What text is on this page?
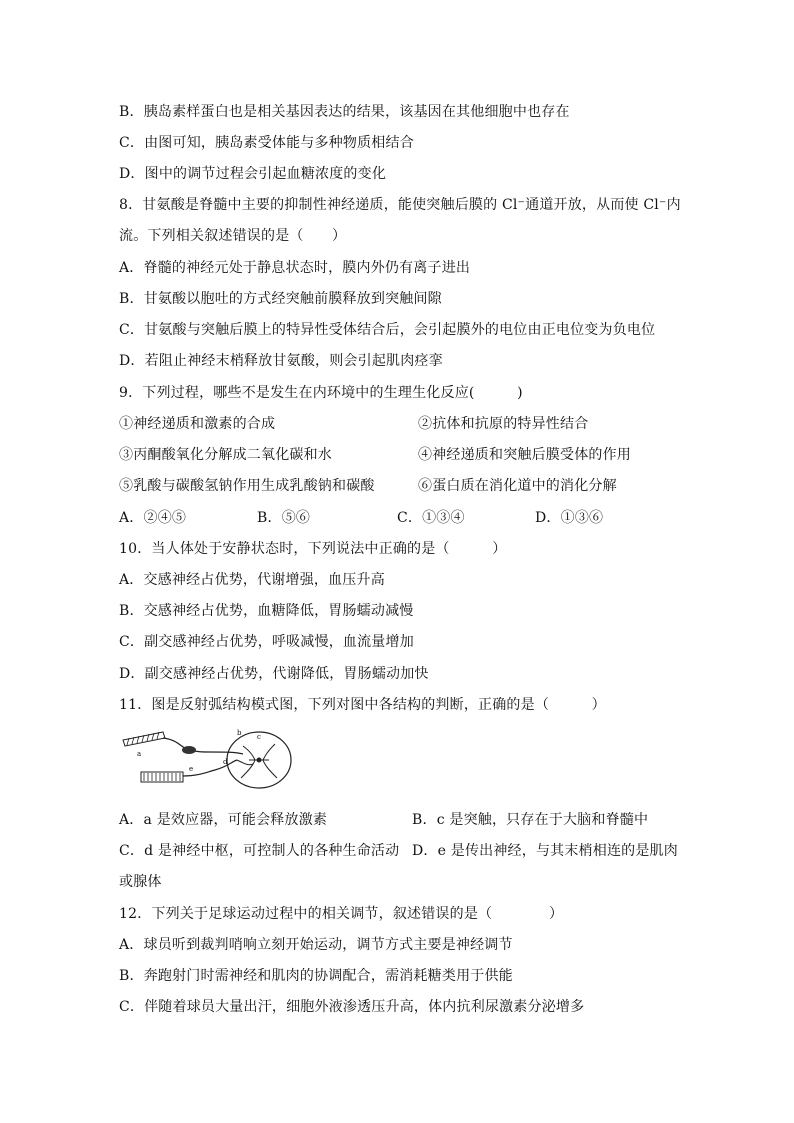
B．胰岛素样蛋白也是相关基因表达的结果，该基因在其他细胞中也存在
C．由图可知，胰岛素受体能与多种物质相结合
D．图中的调节过程会引起血糖浓度的变化
8．甘氨酸是脊髓中主要的抑制性神经递质，能使突触后膜的 Cl⁻通道开放，从而使 Cl⁻内
流。下列相关叙述错误的是（　　）
A．脊髓的神经元处于静息状态时，膜内外仍有离子进出
B．甘氨酸以胞吐的方式经突触前膜释放到突触间隙
C．甘氨酸与突触后膜上的特异性受体结合后，会引起膜外的电位由正电位变为负电位
D．若阻止神经末梢释放甘氨酸，则会引起肌肉痉挛
9．下列过程，哪些不是发生在内环境中的生理生化反应(　　　)
①神经递质和激素的合成	②抗体和抗原的特异性结合
③丙酮酸氧化分解成二氧化碳和水	④神经递质和突触后膜受体的作用
⑤乳酸与碳酸氢钠作用生成乳酸钠和碳酸	⑥蛋白质在消化道中的消化分解
A．②④⑤	B．⑤⑥	C．①③④	D．①③⑥
10．当人体处于安静状态时，下列说法中正确的是（　　　）
A．交感神经占优势，代谢增强，血压升高
B．交感神经占优势，血糖降低，胃肠蠕动减慢
C．副交感神经占优势，呼吸减慢，血流量增加
D．副交感神经占优势，代谢降低，胃肠蠕动加快
11．图是反射弧结构模式图，下列对图中各结构的判断，正确的是（　　　）
a
b c
d
e
A．a 是效应器，可能会释放激素	B．c 是突触，只存在于大脑和脊髓中
C．d 是神经中枢，可控制人的各种生命活动 D．e 是传出神经，与其末梢相连的是肌肉
或腺体
12．下列关于足球运动过程中的相关调节，叙述错误的是（　　　　）
A．球员听到裁判哨响立刻开始运动，调节方式主要是神经调节
B．奔跑射门时需神经和肌肉的协调配合，需消耗糖类用于供能
C．伴随着球员大量出汗，细胞外液渗透压升高，体内抗利尿激素分泌增多
